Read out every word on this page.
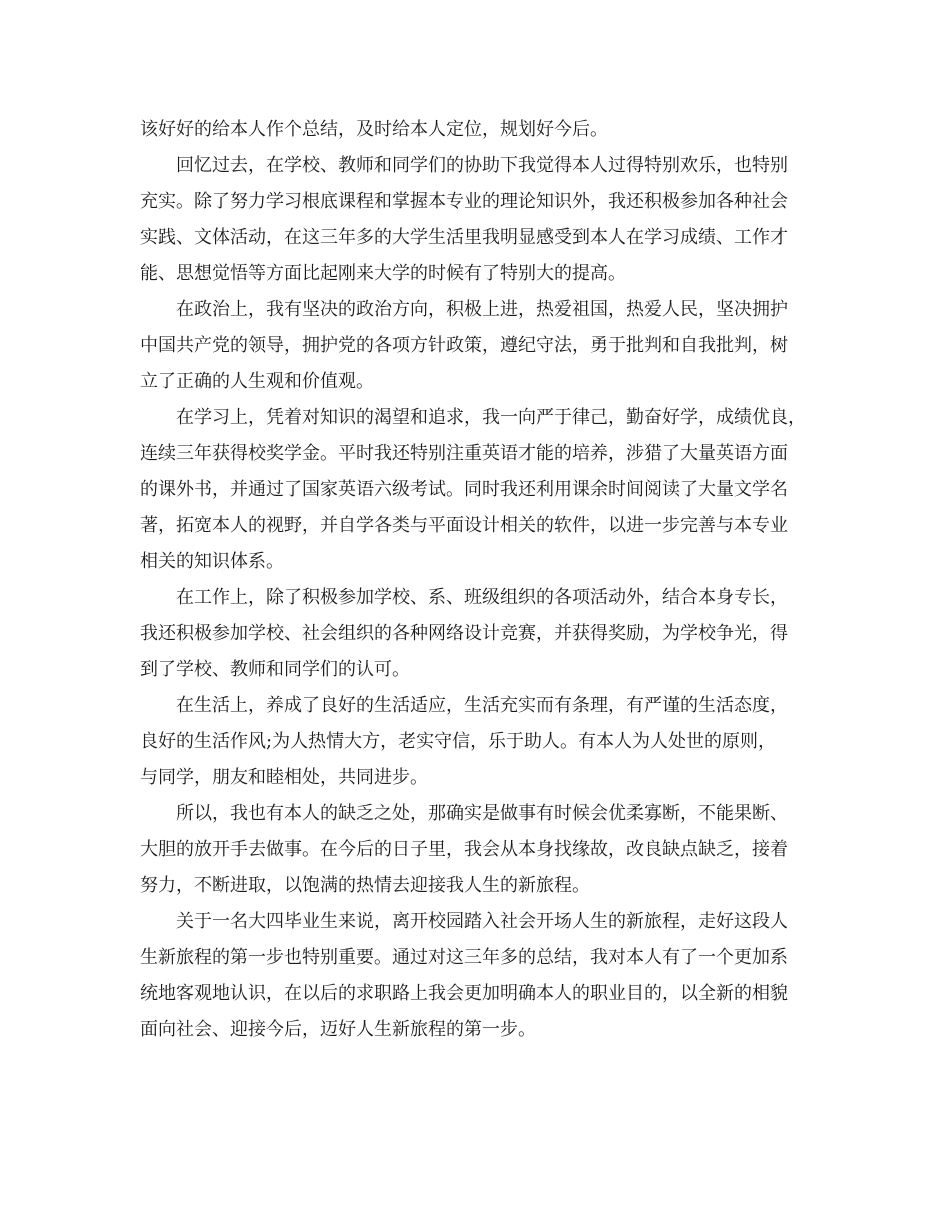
该好好的给本人作个总结，及时给本人定位，规划好今后。
回忆过去，在学校、教师和同学们的协助下我觉得本人过得特别欢乐，也特别
充实。除了努力学习根底课程和掌握本专业的理论知识外，我还积极参加各种社会
实践、文体活动，在这三年多的大学生活里我明显感受到本人在学习成绩、工作才
能、思想觉悟等方面比起刚来大学的时候有了特别大的提高。
在政治上，我有坚决的政治方向，积极上进，热爱祖国，热爱人民，坚决拥护
中国共产党的领导，拥护党的各项方针政策，遵纪守法，勇于批判和自我批判，树
立了正确的人生观和价值观。
在学习上，凭着对知识的渴望和追求，我一向严于律己，勤奋好学，成绩优良，
连续三年获得校奖学金。平时我还特别注重英语才能的培养，涉猎了大量英语方面
的课外书，并通过了国家英语六级考试。同时我还利用课余时间阅读了大量文学名
著，拓宽本人的视野，并自学各类与平面设计相关的软件，以进一步完善与本专业
相关的知识体系。
在工作上，除了积极参加学校、系、班级组织的各项活动外，结合本身专长，
我还积极参加学校、社会组织的各种网络设计竞赛，并获得奖励，为学校争光，得
到了学校、教师和同学们的认可。
在生活上，养成了良好的生活适应，生活充实而有条理，有严谨的生活态度，
良好的生活作风;为人热情大方，老实守信，乐于助人。有本人为人处世的原则，
与同学，朋友和睦相处，共同进步。
所以，我也有本人的缺乏之处，那确实是做事有时候会优柔寡断，不能果断、
大胆的放开手去做事。在今后的日子里，我会从本身找缘故，改良缺点缺乏，接着
努力，不断进取，以饱满的热情去迎接我人生的新旅程。
关于一名大四毕业生来说，离开校园踏入社会开场人生的新旅程，走好这段人
生新旅程的第一步也特别重要。通过对这三年多的总结，我对本人有了一个更加系
统地客观地认识，在以后的求职路上我会更加明确本人的职业目的，以全新的相貌
面向社会、迎接今后，迈好人生新旅程的第一步。
